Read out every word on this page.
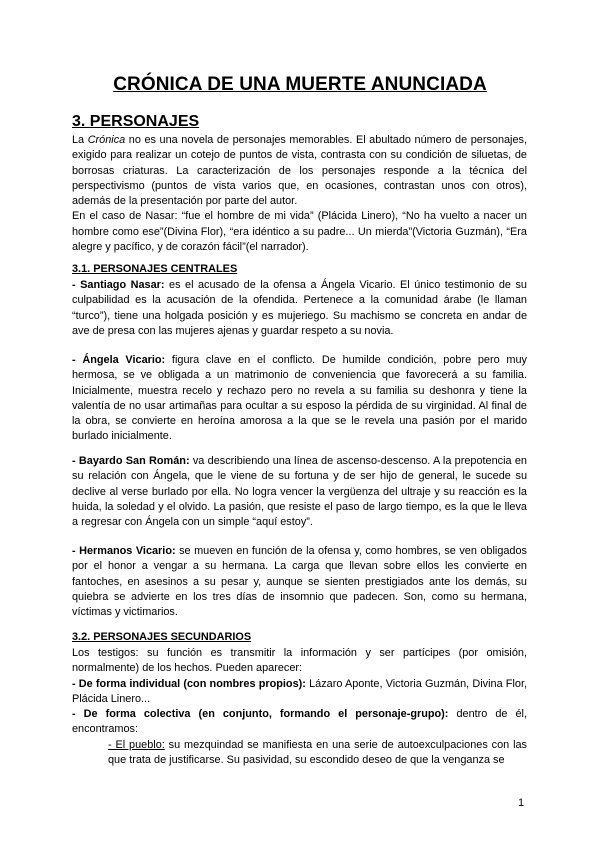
CRÓNICA DE UNA MUERTE ANUNCIADA
3. PERSONAJES

La Crónica no es una novela de personajes memorables. El abultado número de personajes, exigido para realizar un cotejo de puntos de vista, contrasta con su condición de siluetas, de borrosas criaturas. La caracterización de los personajes responde a la técnica del perspectivismo (puntos de vista varios que, en ocasiones, contrastan unos con otros), además de la presentación por parte del autor.

En el caso de Nasar: “fue el hombre de mi vida” (Plácida Linero), “No ha vuelto a nacer un hombre como ese”(Divina Flor), “era idéntico a su padre... Un mierda”(Victoria Guzmán), “Era alegre y pacífico, y de corazón fácil”(el narrador).

3.1. PERSONAJES CENTRALES

- Santiago Nasar: es el acusado de la ofensa a Ángela Vicario. El único testimonio de su culpabilidad es la acusación de la ofendida. Pertenece a la comunidad árabe (le llaman “turco”), tiene una holgada posición y es mujeriego. Su machismo se concreta en andar de ave de presa con las mujeres ajenas y guardar respeto a su novia.

- Ángela Vicario: figura clave en el conflicto. De humilde condición, pobre pero muy hermosa, se ve obligada a un matrimonio de conveniencia que favorecerá a su familia. Inicialmente, muestra recelo y rechazo pero no revela a su familia su deshonra y tiene la valentía de no usar artimañas para ocultar a su esposo la pérdida de su virginidad. Al final de la obra, se convierte en heroína amorosa a la que se le revela una pasión por el marido burlado inicialmente.

- Bayardo San Román: va describiendo una línea de ascenso-descenso. A la prepotencia en su relación con Ángela, que le viene de su fortuna y de ser hijo de general, le sucede su declive al verse burlado por ella. No logra vencer la vergüenza del ultraje y su reacción es la huida, la soledad y el olvido. La pasión, que resiste el paso de largo tiempo, es la que le lleva a regresar con Ángela con un simple “aquí estoy”.

- Hermanos Vicario: se mueven en función de la ofensa y, como hombres, se ven obligados por el honor a vengar a su hermana. La carga que llevan sobre ellos les convierte en fantoches, en asesinos a su pesar y, aunque se sienten prestigiados ante los demás, su quiebra se advierte en los tres días de insomnio que padecen. Son, como su hermana, víctimas y victimarios.

3.2. PERSONAJES SECUNDARIOS

Los testigos: su función es transmitir la información y ser partícipes (por omisión, normalmente) de los hechos. Pueden aparecer:

- De forma individual (con nombres propios): Lázaro Aponte, Victoria Guzmán, Divina Flor, Plácida Linero...

- De forma colectiva (en conjunto, formando el personaje-grupo): dentro de él, encontramos:

- El pueblo: su mezquindad se manifiesta en una serie de autoexculpaciones con las que trata de justificarse. Su pasividad, su escondido deseo de que la venganza se

1
